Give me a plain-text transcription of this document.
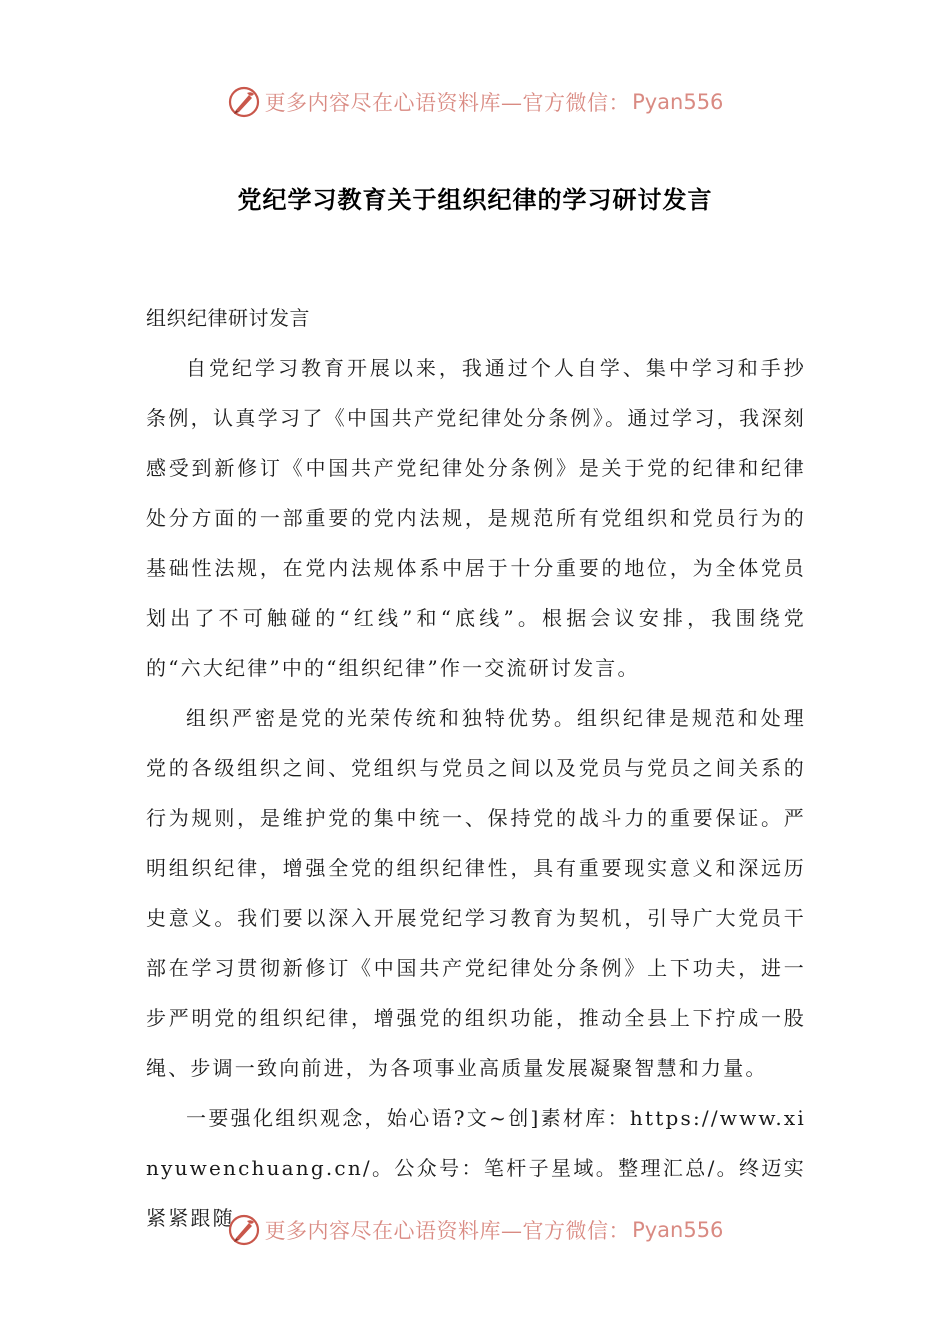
更多内容尽在心语资料库—官方微信： Pyan556
党纪学习教育关于组织纪律的学习研讨发言

组织纪律研讨发言

自党纪学习教育开展以来，我通过个人自学、集中学习和手抄条例，认真学习了《中国共产党纪律处分条例》。通过学习，我深刻感受到新修订《中国共产党纪律处分条例》是关于党的纪律和纪律处分方面的一部重要的党内法规，是规范所有党组织和党员行为的基础性法规，在党内法规体系中居于十分重要的地位，为全体党员划出了不可触碰的“红线”和“底线”。根据会议安排，我围绕党的“六大纪律”中的“组织纪律”作一交流研讨发言。

组织严密是党的光荣传统和独特优势。组织纪律是规范和处理党的各级组织之间、党组织与党员之间以及党员与党员之间关系的行为规则，是维护党的集中统一、保持党的战斗力的重要保证。严明组织纪律，增强全党的组织纪律性，具有重要现实意义和深远历史意义。我们要以深入开展党纪学习教育为契机，引导广大党员干部在学习贯彻新修订《中国共产党纪律处分条例》上下功夫，进一步严明党的组织纪律，增强党的组织功能，推动全县上下拧成一股绳、步调一致向前进，为各项事业高质量发展凝聚智慧和力量。

一要强化组织观念，始心语?文~创]素材库：https://www.xinyuwenchuang.cn/。公众号：笔杆子星域。整理汇总/。终迈实紧紧跟随

更多内容尽在心语资料库—官方微信： Pyan556
